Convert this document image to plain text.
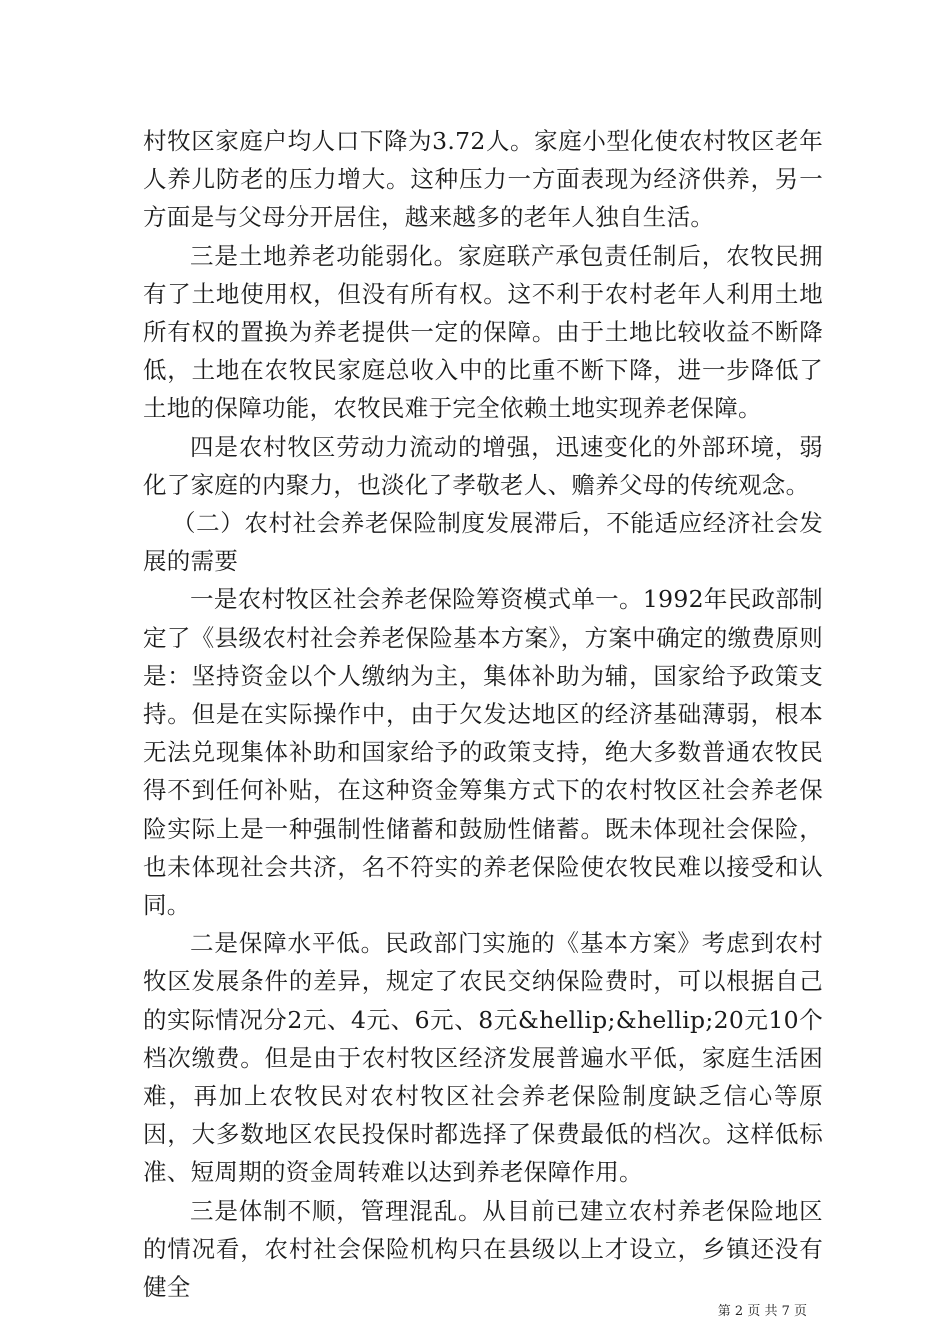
村牧区家庭户均人口下降为3.72人。家庭小型化使农村牧区老年人养儿防老的压力增大。这种压力一方面表现为经济供养，另一方面是与父母分开居住，越来越多的老年人独自生活。

三是土地养老功能弱化。家庭联产承包责任制后，农牧民拥有了土地使用权，但没有所有权。这不利于农村老年人利用土地所有权的置换为养老提供一定的保障。由于土地比较收益不断降低，土地在农牧民家庭总收入中的比重不断下降，进一步降低了土地的保障功能，农牧民难于完全依赖土地实现养老保障。

四是农村牧区劳动力流动的增强，迅速变化的外部环境，弱化了家庭的内聚力，也淡化了孝敬老人、赡养父母的传统观念。

（二）农村社会养老保险制度发展滞后，不能适应经济社会发展的需要

一是农村牧区社会养老保险筹资模式单一。1992年民政部制定了《县级农村社会养老保险基本方案》，方案中确定的缴费原则是：坚持资金以个人缴纳为主，集体补助为辅，国家给予政策支持。但是在实际操作中，由于欠发达地区的经济基础薄弱，根本无法兑现集体补助和国家给予的政策支持，绝大多数普通农牧民得不到任何补贴，在这种资金筹集方式下的农村牧区社会养老保险实际上是一种强制性储蓄和鼓励性储蓄。既未体现社会保险，也未体现社会共济，名不符实的养老保险使农牧民难以接受和认同。

二是保障水平低。民政部门实施的《基本方案》考虑到农村牧区发展条件的差异，规定了农民交纳保险费时，可以根据自己的实际情况分2元、4元、6元、8元&hellip;&hellip;20元10个档次缴费。但是由于农村牧区经济发展普遍水平低，家庭生活困难，再加上农牧民对农村牧区社会养老保险制度缺乏信心等原因，大多数地区农民投保时都选择了保费最低的档次。这样低标准、短周期的资金周转难以达到养老保障作用。

三是体制不顺，管理混乱。从目前已建立农村养老保险地区的情况看，农村社会保险机构只在县级以上才设立，乡镇还没有健全

第 2 页 共 7 页
